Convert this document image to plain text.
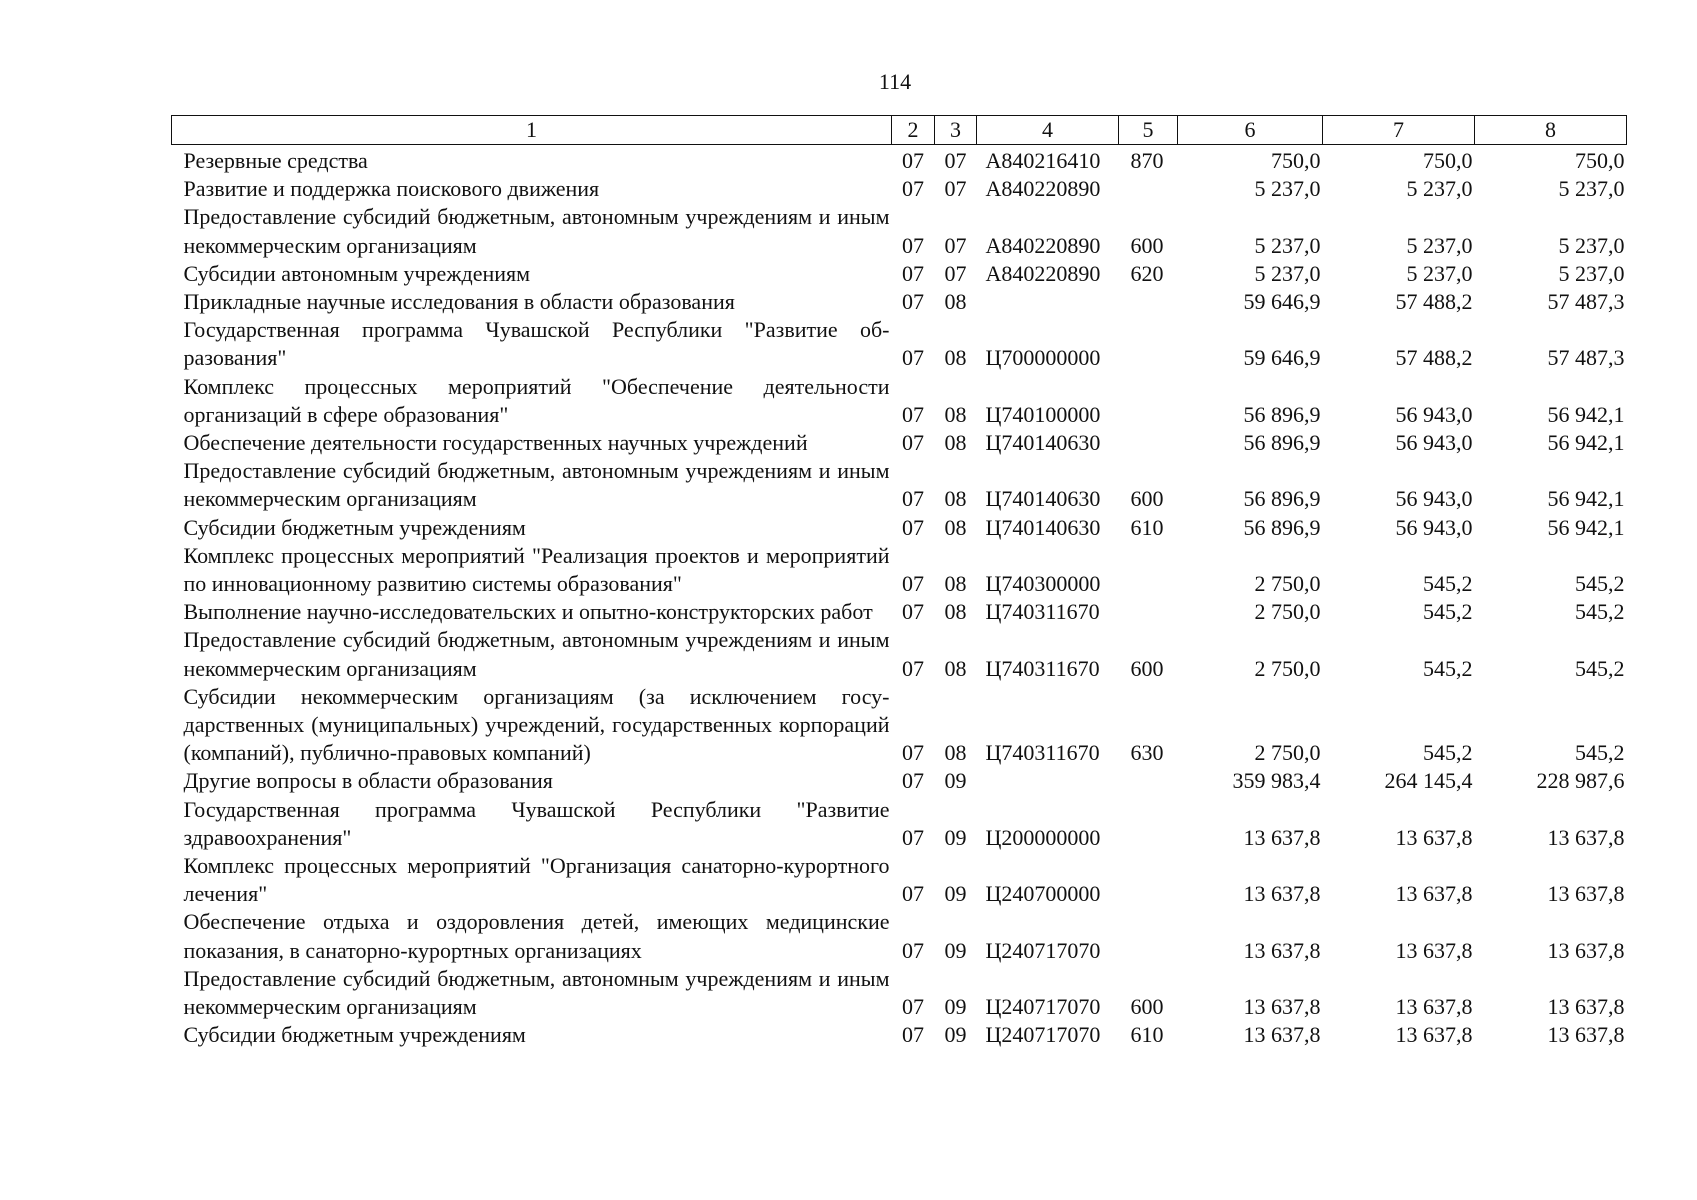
114
1	2	3	4	5	6	7	8
Резервные средства	07	07	А840216410	870	750,0	750,0	750,0
Развитие и поддержка поискового движения	07	07	А840220890		5 237,0	5 237,0	5 237,0
Предоставление субсидий бюджетным, автономным учреждениям и иным некоммерческим организациям	07	07	А840220890	600	5 237,0	5 237,0	5 237,0
Субсидии автономным учреждениям	07	07	А840220890	620	5 237,0	5 237,0	5 237,0
Прикладные научные исследования в области образования	07	08			59 646,9	57 488,2	57 487,3
Государственная программа Чувашской Республики "Развитие образования"	07	08	Ц700000000		59 646,9	57 488,2	57 487,3
Комплекс процессных мероприятий "Обеспечение деятельности организаций в сфере образования"	07	08	Ц740100000		56 896,9	56 943,0	56 942,1
Обеспечение деятельности государственных научных учреждений	07	08	Ц740140630		56 896,9	56 943,0	56 942,1
Предоставление субсидий бюджетным, автономным учреждениям и иным некоммерческим организациям	07	08	Ц740140630	600	56 896,9	56 943,0	56 942,1
Субсидии бюджетным учреждениям	07	08	Ц740140630	610	56 896,9	56 943,0	56 942,1
Комплекс процессных мероприятий "Реализация проектов и мероприятий по инновационному развитию системы образования"	07	08	Ц740300000		2 750,0	545,2	545,2
Выполнение научно-исследовательских и опытно-конструкторских работ	07	08	Ц740311670		2 750,0	545,2	545,2
Предоставление субсидий бюджетным, автономным учреждениям и иным некоммерческим организациям	07	08	Ц740311670	600	2 750,0	545,2	545,2
Субсидии некоммерческим организациям (за исключением государственных (муниципальных) учреждений, государственных корпораций (компаний), публично-правовых компаний)	07	08	Ц740311670	630	2 750,0	545,2	545,2
Другие вопросы в области образования	07	09			359 983,4	264 145,4	228 987,6
Государственная программа Чувашской Республики "Развитие здравоохранения"	07	09	Ц200000000		13 637,8	13 637,8	13 637,8
Комплекс процессных мероприятий "Организация санаторно-курортного лечения"	07	09	Ц240700000		13 637,8	13 637,8	13 637,8
Обеспечение отдыха и оздоровления детей, имеющих медицинские показания, в санаторно-курортных организациях	07	09	Ц240717070		13 637,8	13 637,8	13 637,8
Предоставление субсидий бюджетным, автономным учреждениям и иным некоммерческим организациям	07	09	Ц240717070	600	13 637,8	13 637,8	13 637,8
Субсидии бюджетным учреждениям	07	09	Ц240717070	610	13 637,8	13 637,8	13 637,8
